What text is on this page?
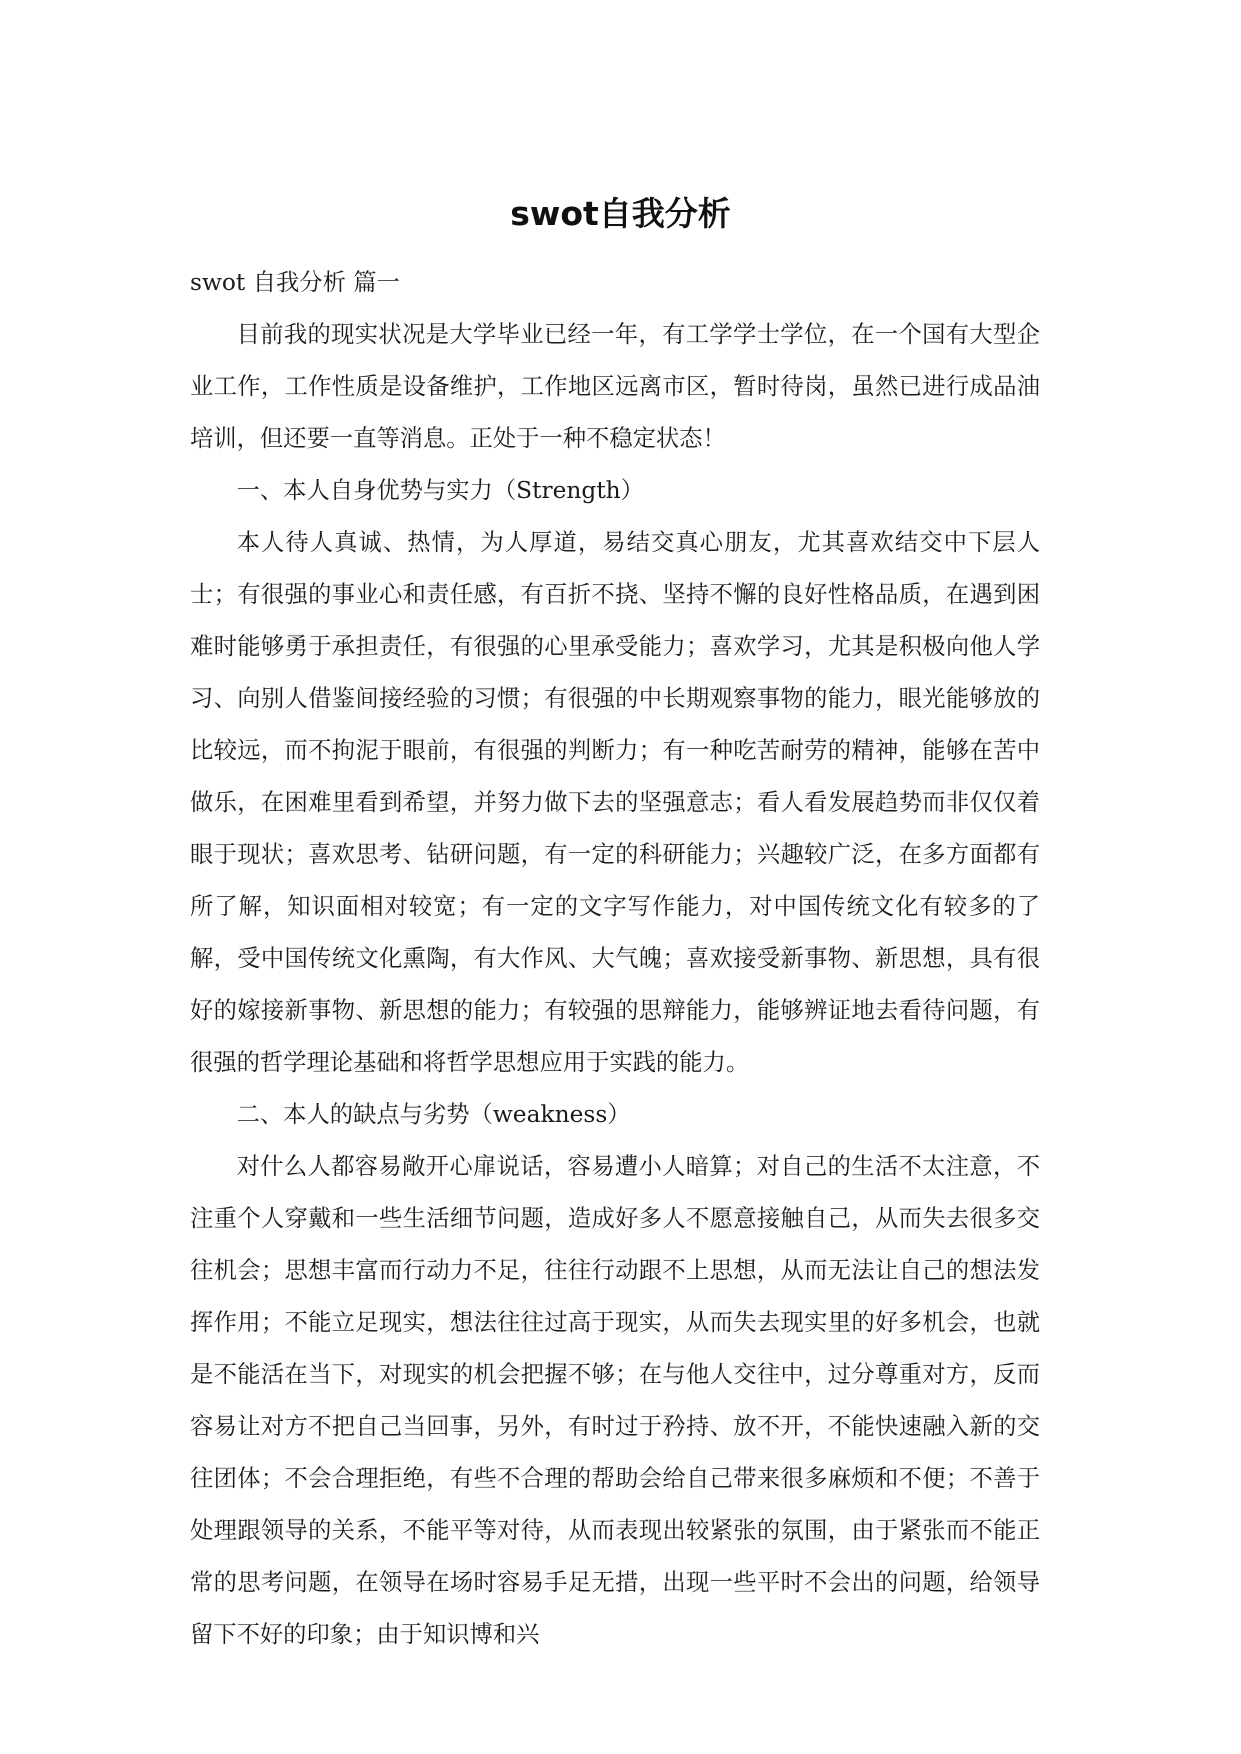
swot自我分析

swot 自我分析 篇一

目前我的现实状况是大学毕业已经一年，有工学学士学位，在一个国有大型企业工作，工作性质是设备维护，工作地区远离市区，暂时待岗，虽然已进行成品油培训，但还要一直等消息。正处于一种不稳定状态！

一、本人自身优势与实力（Strength）

本人待人真诚、热情，为人厚道，易结交真心朋友，尤其喜欢结交中下层人士；有很强的事业心和责任感，有百折不挠、坚持不懈的良好性格品质，在遇到困难时能够勇于承担责任，有很强的心里承受能力；喜欢学习，尤其是积极向他人学习、向别人借鉴间接经验的习惯；有很强的中长期观察事物的能力，眼光能够放的比较远，而不拘泥于眼前，有很强的判断力；有一种吃苦耐劳的精神，能够在苦中做乐，在困难里看到希望，并努力做下去的坚强意志；看人看发展趋势而非仅仅着眼于现状；喜欢思考、钻研问题，有一定的科研能力；兴趣较广泛，在多方面都有所了解，知识面相对较宽；有一定的文字写作能力，对中国传统文化有较多的了解，受中国传统文化熏陶，有大作风、大气魄；喜欢接受新事物、新思想，具有很好的嫁接新事物、新思想的能力；有较强的思辩能力，能够辨证地去看待问题，有很强的哲学理论基础和将哲学思想应用于实践的能力。

二、本人的缺点与劣势（weakness）

对什么人都容易敞开心扉说话，容易遭小人暗算；对自己的生活不太注意，不注重个人穿戴和一些生活细节问题，造成好多人不愿意接触自己，从而失去很多交往机会；思想丰富而行动力不足，往往行动跟不上思想，从而无法让自己的想法发挥作用；不能立足现实，想法往往过高于现实，从而失去现实里的好多机会，也就是不能活在当下，对现实的机会把握不够；在与他人交往中，过分尊重对方，反而容易让对方不把自己当回事，另外，有时过于矜持、放不开，不能快速融入新的交往团体；不会合理拒绝，有些不合理的帮助会给自己带来很多麻烦和不便；不善于处理跟领导的关系，不能平等对待，从而表现出较紧张的氛围，由于紧张而不能正常的思考问题，在领导在场时容易手足无措，出现一些平时不会出的问题，给领导留下不好的印象；由于知识博和兴
